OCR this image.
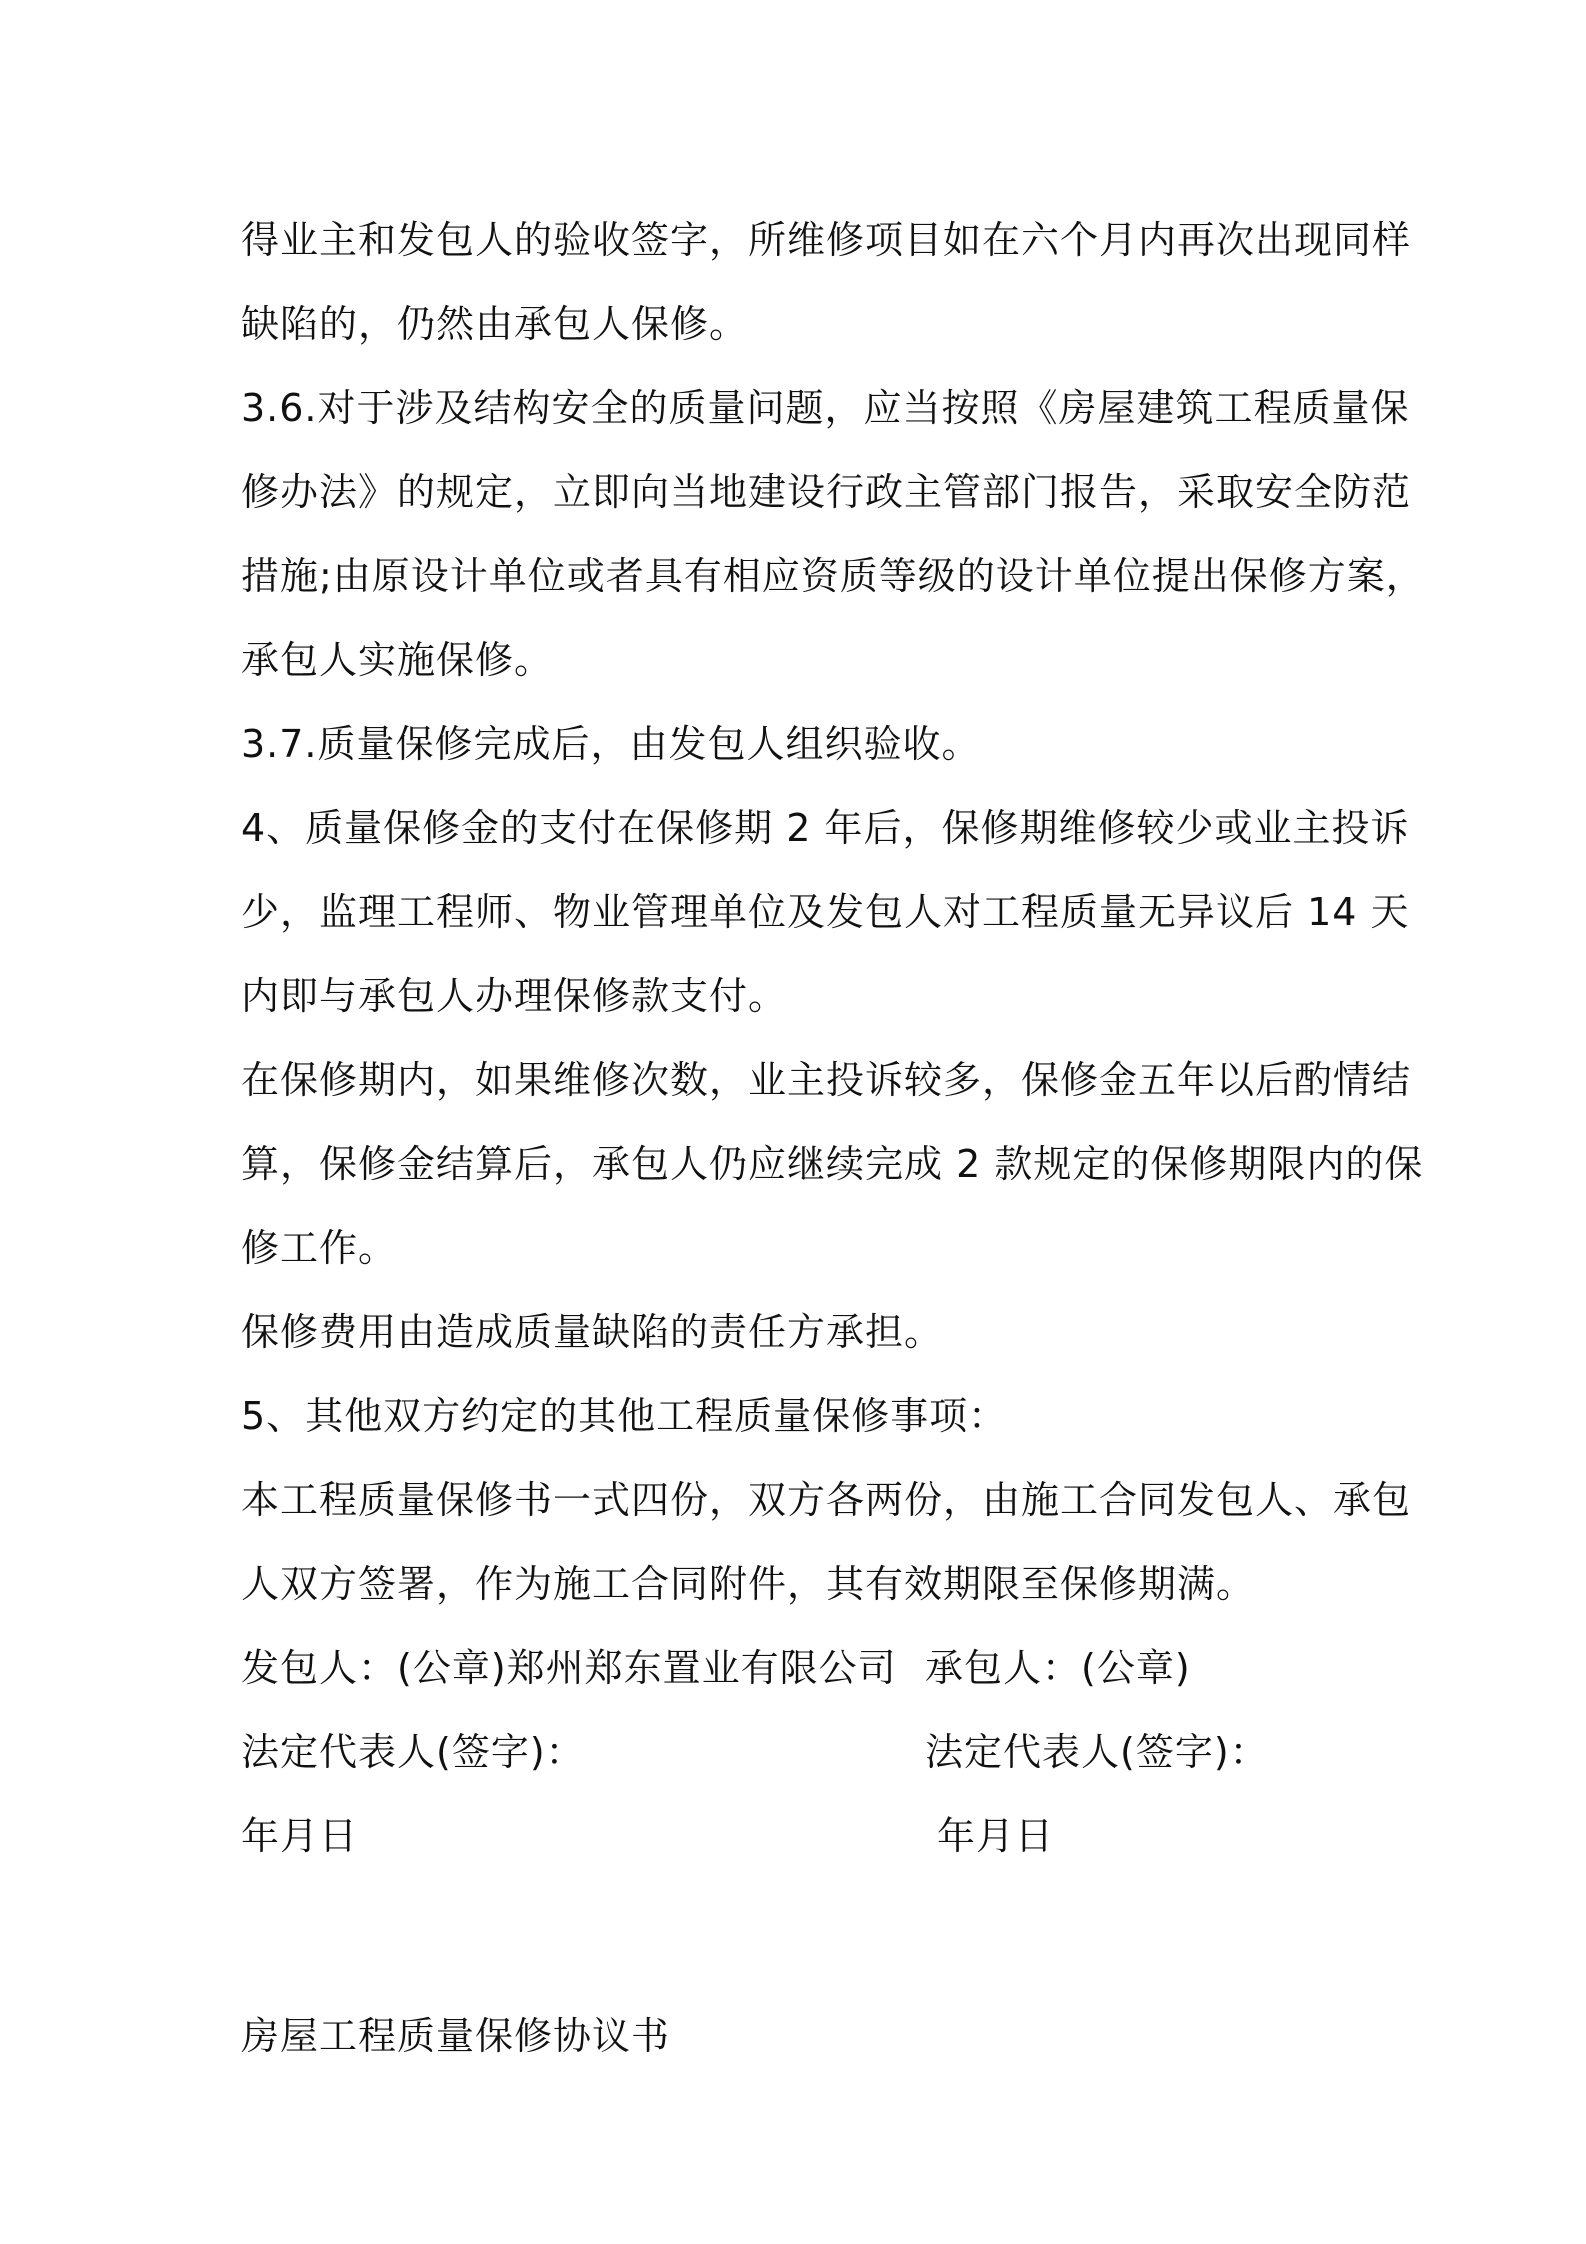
得业主和发包人的验收签字，所维修项目如在六个月内再次出现同样
缺陷的，仍然由承包人保修。
3.6.对于涉及结构安全的质量问题，应当按照《房屋建筑工程质量保
修办法》的规定，立即向当地建设行政主管部门报告，采取安全防范
措施;由原设计单位或者具有相应资质等级的设计单位提出保修方案，
承包人实施保修。
3.7.质量保修完成后，由发包人组织验收。
4、质量保修金的支付在保修期 2 年后，保修期维修较少或业主投诉
少，监理工程师、物业管理单位及发包人对工程质量无异议后 14 天
内即与承包人办理保修款支付。
在保修期内，如果维修次数，业主投诉较多，保修金五年以后酌情结
算，保修金结算后，承包人仍应继续完成 2 款规定的保修期限内的保
修工作。
保修费用由造成质量缺陷的责任方承担。
5、其他双方约定的其他工程质量保修事项：
本工程质量保修书一式四份，双方各两份，由施工合同发包人、承包
人双方签署，作为施工合同附件，其有效期限至保修期满。
发包人：(公章)郑州郑东置业有限公司 承包人：(公章)
法定代表人(签字)：	法定代表人(签字)：
年月日	年月日
房屋工程质量保修协议书
